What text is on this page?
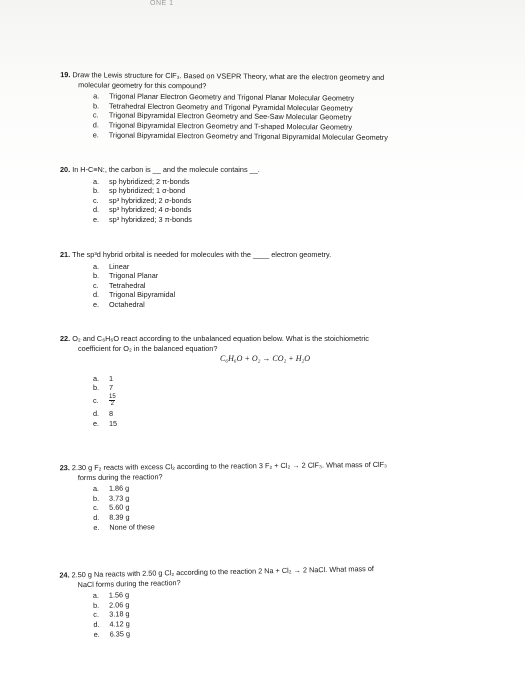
ONE 1
19. Draw the Lewis structure for ClF₃. Based on VSEPR Theory, what are the electron geometry and
molecular geometry for this compound?
a.	Trigonal Planar Electron Geometry and Trigonal Planar Molecular Geometry
b.	Tetrahedral Electron Geometry and Trigonal Pyramidal Molecular Geometry
c.	Trigonal Bipyramidal Electron Geometry and See-Saw Molecular Geometry
d.	Trigonal Bipyramidal Electron Geometry and T-shaped Molecular Geometry
e.	Trigonal Bipyramidal Electron Geometry and Trigonal Bipyramidal Molecular Geometry
20. In H-C≡N:, the carbon is __ and the molecule contains __.
a.	sp hybridized; 2 π-bonds
b.	sp hybridized; 1 σ-bond
c.	sp³ hybridized; 2 σ-bonds
d.	sp³ hybridized; 4 σ-bonds
e.	sp³ hybridized; 3 π-bonds
21. The sp³d hybrid orbital is needed for molecules with the ____ electron geometry.
a.	Linear
b.	Trigonal Planar
c.	Tetrahedral
d.	Trigonal Bipyramidal
e.	Octahedral
22. O₂ and C₆H₆O react according to the unbalanced equation below. What is the stoichiometric
coefficient for O₂ in the balanced equation?
C₆H₆O + O₂ → CO₂ + H₂O
a.	1
b.	7
c.	$\frac{15}{2}$
d.	8
e.	15
23. 2.30 g F₂ reacts with excess Cl₂ according to the reaction 3 F₂ + Cl₂ → 2 ClF₃. What mass of ClF₃
forms during the reaction?
a.	1.86 g
b.	3.73 g
c.	5.60 g
d.	8.39 g
e.	None of these
24. 2.50 g Na reacts with 2.50 g Cl₂ according to the reaction 2 Na + Cl₂ → 2 NaCl. What mass of
NaCl forms during the reaction?
a.	1.56 g
b.	2.06 g
c.	3.18 g
d.	4.12 g
e.	6.35 g
